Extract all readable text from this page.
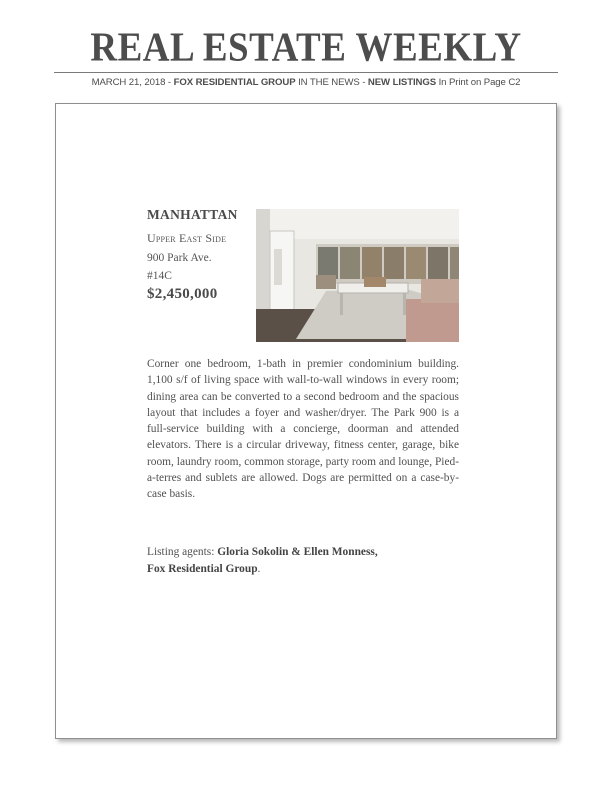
REAL ESTATE WEEKLY
MARCH 21, 2018 - FOX RESIDENTIAL GROUP IN THE NEWS - NEW LISTINGS In Print on Page C2
MANHATTAN
Upper East Side
900 Park Ave.
#14C
$2,450,000
Corner one bedroom, 1-bath in premier condominium building. 1,100 s/f of living space with wall-to-wall windows in every room; dining area can be converted to a second bedroom and the spacious layout that includes a foyer and washer/dryer. The Park 900 is a full-service building with a concierge, doorman and attended elevators. There is a circular driveway, fitness center, garage, bike room, laundry room, common storage, party room and lounge, Pied-a-terres and sublets are allowed. Dogs are permitted on a case-by-case basis.
Listing agents: Gloria Sokolin & Ellen Monness,
Fox Residential Group.
